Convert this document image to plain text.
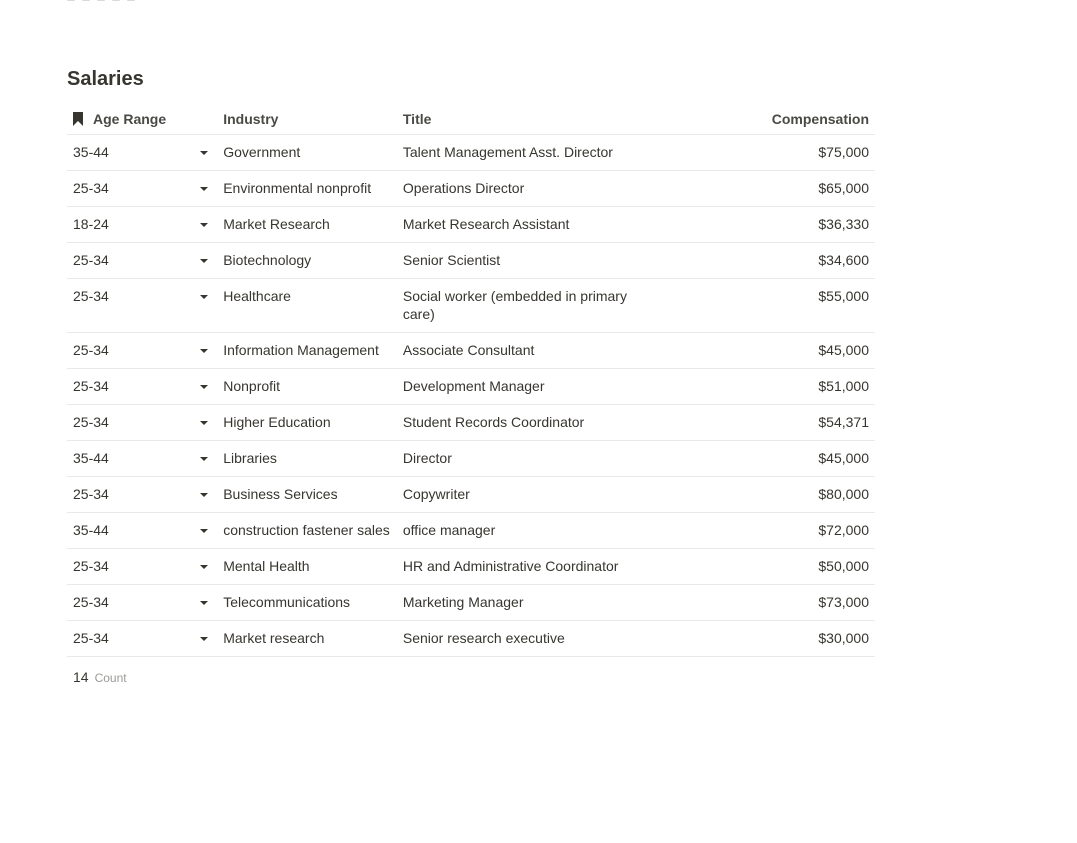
Salaries
Age Range	Industry	Title	Compensation
35-44	Government	Talent Management Asst. Director	$75,000
25-34	Environmental nonprofit	Operations Director	$65,000
18-24	Market Research	Market Research Assistant	$36,330
25-34	Biotechnology	Senior Scientist	$34,600
25-34	Healthcare	Social worker (embedded in primary care)	$55,000
25-34	Information Management	Associate Consultant	$45,000
25-34	Nonprofit	Development Manager	$51,000
25-34	Higher Education	Student Records Coordinator	$54,371
35-44	Libraries	Director	$45,000
25-34	Business Services	Copywriter	$80,000
35-44	construction fastener sales	office manager	$72,000
25-34	Mental Health	HR and Administrative Coordinator	$50,000
25-34	Telecommunications	Marketing Manager	$73,000
25-34	Market research	Senior research executive	$30,000
14 Count
